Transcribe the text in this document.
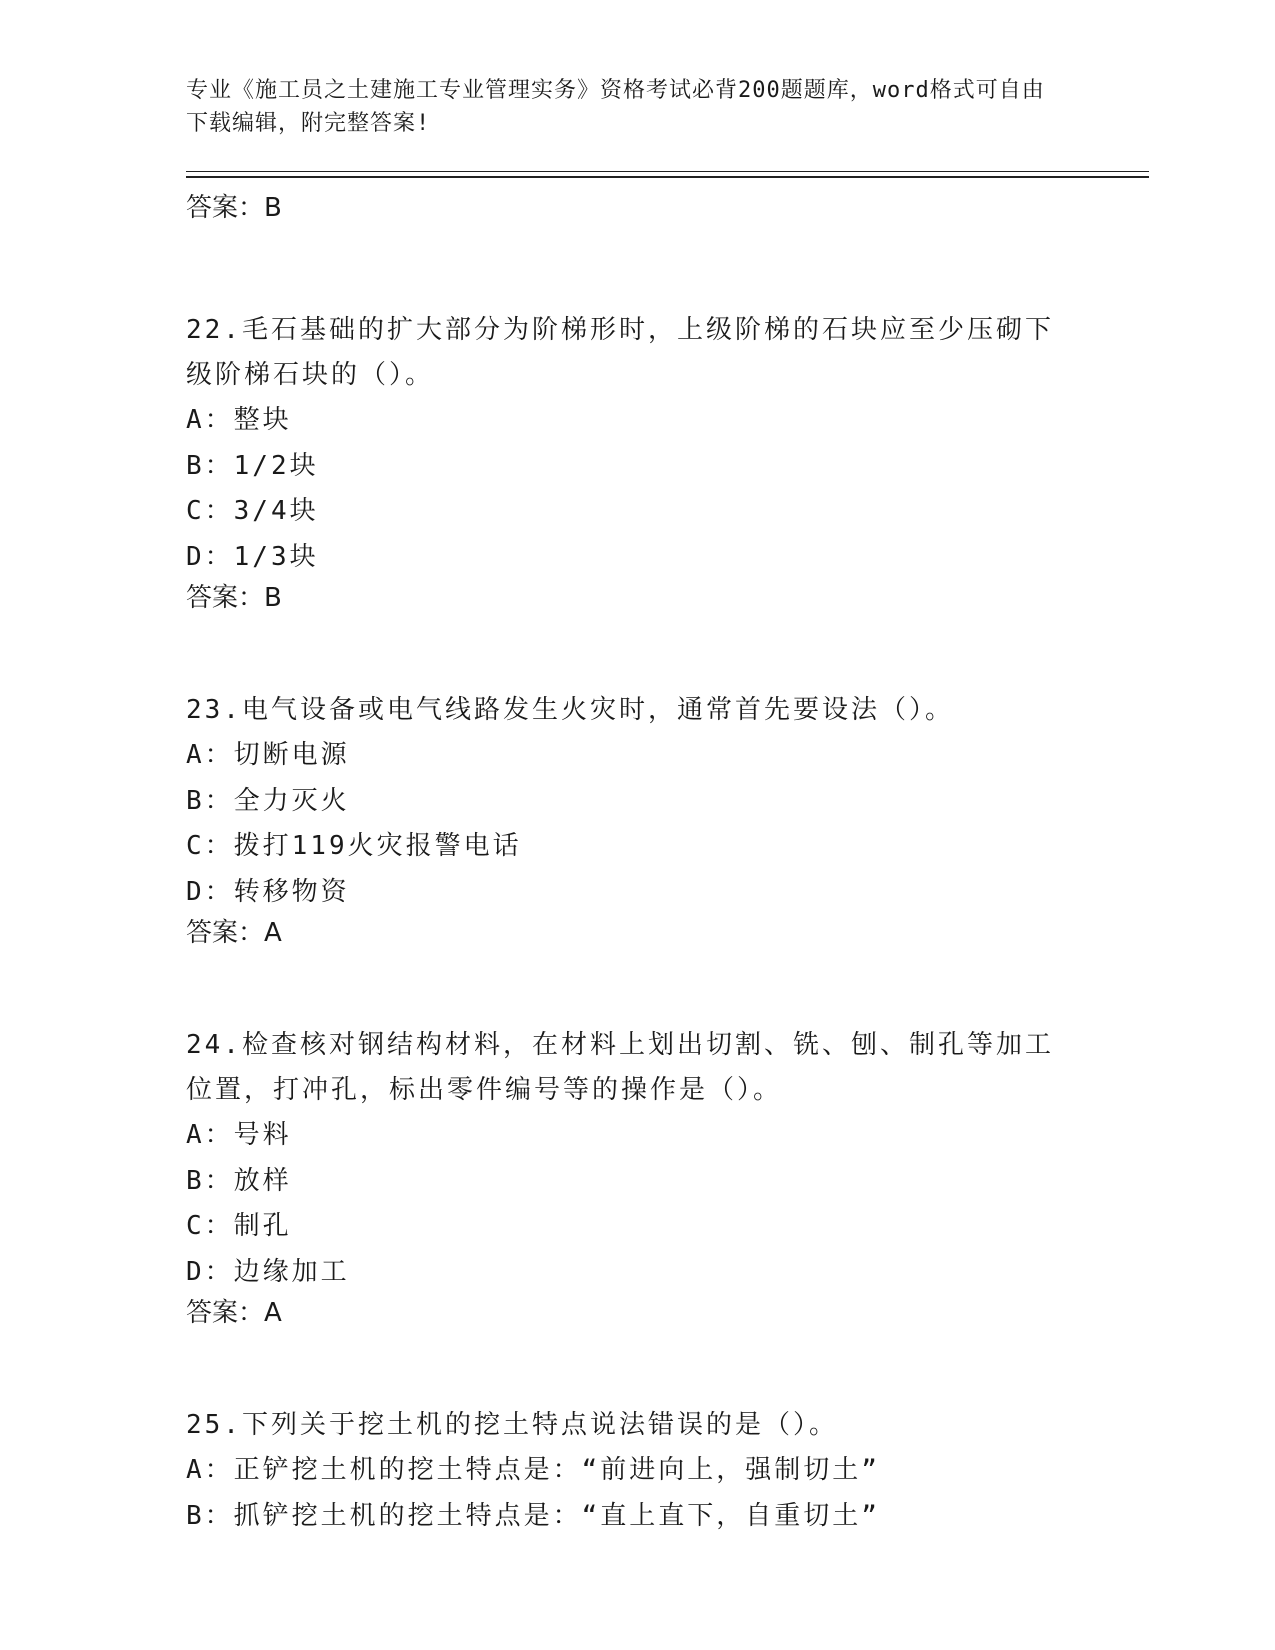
专业《施工员之土建施工专业管理实务》资格考试必背200题题库，word格式可自由下载编辑，附完整答案!

答案：B

22.毛石基础的扩大部分为阶梯形时，上级阶梯的石块应至少压砌下级阶梯石块的（）。

A：整块

B：1/2块

C：3/4块

D：1/3块

答案：B

23.电气设备或电气线路发生火灾时，通常首先要设法（）。

A：切断电源

B：全力灭火

C：拨打119火灾报警电话

D：转移物资

答案：A

24.检查核对钢结构材料，在材料上划出切割、铣、刨、制孔等加工位置，打冲孔，标出零件编号等的操作是（）。

A：号料

B：放样

C：制孔

D：边缘加工

答案：A

25.下列关于挖土机的挖土特点说法错误的是（）。

A：正铲挖土机的挖土特点是：“前进向上，强制切土”

B：抓铲挖土机的挖土特点是：“直上直下，自重切土”
